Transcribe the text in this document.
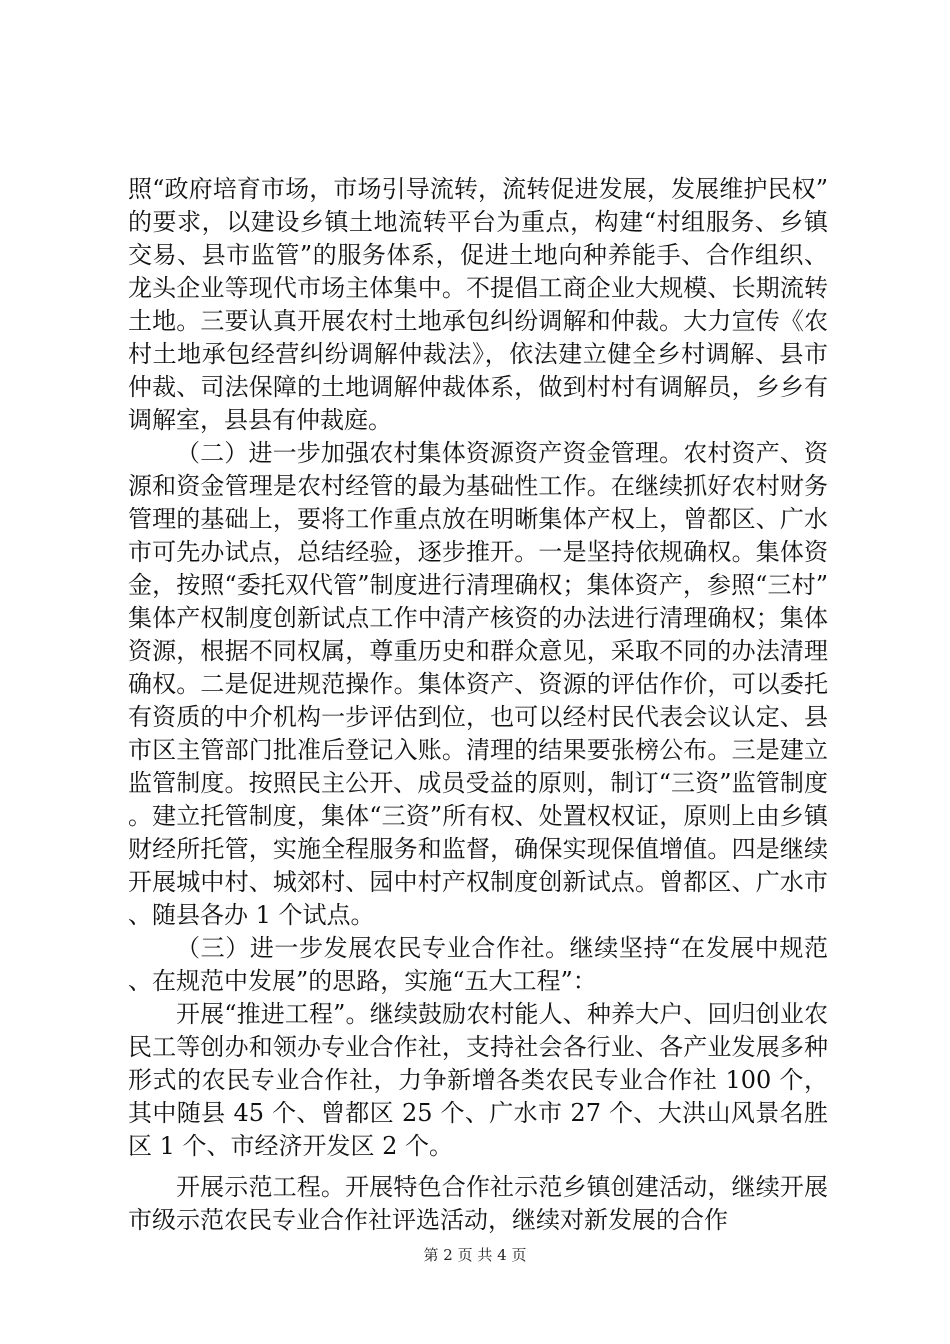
照“政府培育市场，市场引导流转，流转促进发展，发展维护民权”的要求，以建设乡镇土地流转平台为重点，构建“村组服务、乡镇交易、县市监管”的服务体系，促进土地向种养能手、合作组织、龙头企业等现代市场主体集中。不提倡工商企业大规模、长期流转土地。三要认真开展农村土地承包纠纷调解和仲裁。大力宣传《农村土地承包经营纠纷调解仲裁法》，依法建立健全乡村调解、县市仲裁、司法保障的土地调解仲裁体系，做到村村有调解员，乡乡有调解室，县县有仲裁庭。

（二）进一步加强农村集体资源资产资金管理。农村资产、资源和资金管理是农村经管的最为基础性工作。在继续抓好农村财务管理的基础上，要将工作重点放在明晰集体产权上，曾都区、广水市可先办试点，总结经验，逐步推开。一是坚持依规确权。集体资金，按照“委托双代管”制度进行清理确权；集体资产，参照“三村”集体产权制度创新试点工作中清产核资的办法进行清理确权；集体资源，根据不同权属，尊重历史和群众意见，采取不同的办法清理确权。二是促进规范操作。集体资产、资源的评估作价，可以委托有资质的中介机构一步评估到位，也可以经村民代表会议认定、县市区主管部门批准后登记入账。清理的结果要张榜公布。三是建立监管制度。按照民主公开、成员受益的原则，制订“三资”监管制度。建立托管制度，集体“三资”所有权、处置权权证，原则上由乡镇财经所托管，实施全程服务和监督，确保实现保值增值。四是继续开展城中村、城郊村、园中村产权制度创新试点。曾都区、广水市、随县各办 1 个试点。

（三）进一步发展农民专业合作社。继续坚持“在发展中规范、在规范中发展”的思路，实施“五大工程”：

开展“推进工程”。继续鼓励农村能人、种养大户、回归创业农民工等创办和领办专业合作社，支持社会各行业、各产业发展多种形式的农民专业合作社，力争新增各类农民专业合作社 100 个，其中随县 45 个、曾都区 25 个、广水市 27 个、大洪山风景名胜区 1 个、市经济开发区 2 个。

开展示范工程。开展特色合作社示范乡镇创建活动，继续开展市级示范农民专业合作社评选活动，继续对新发展的合作

第 2 页 共 4 页
